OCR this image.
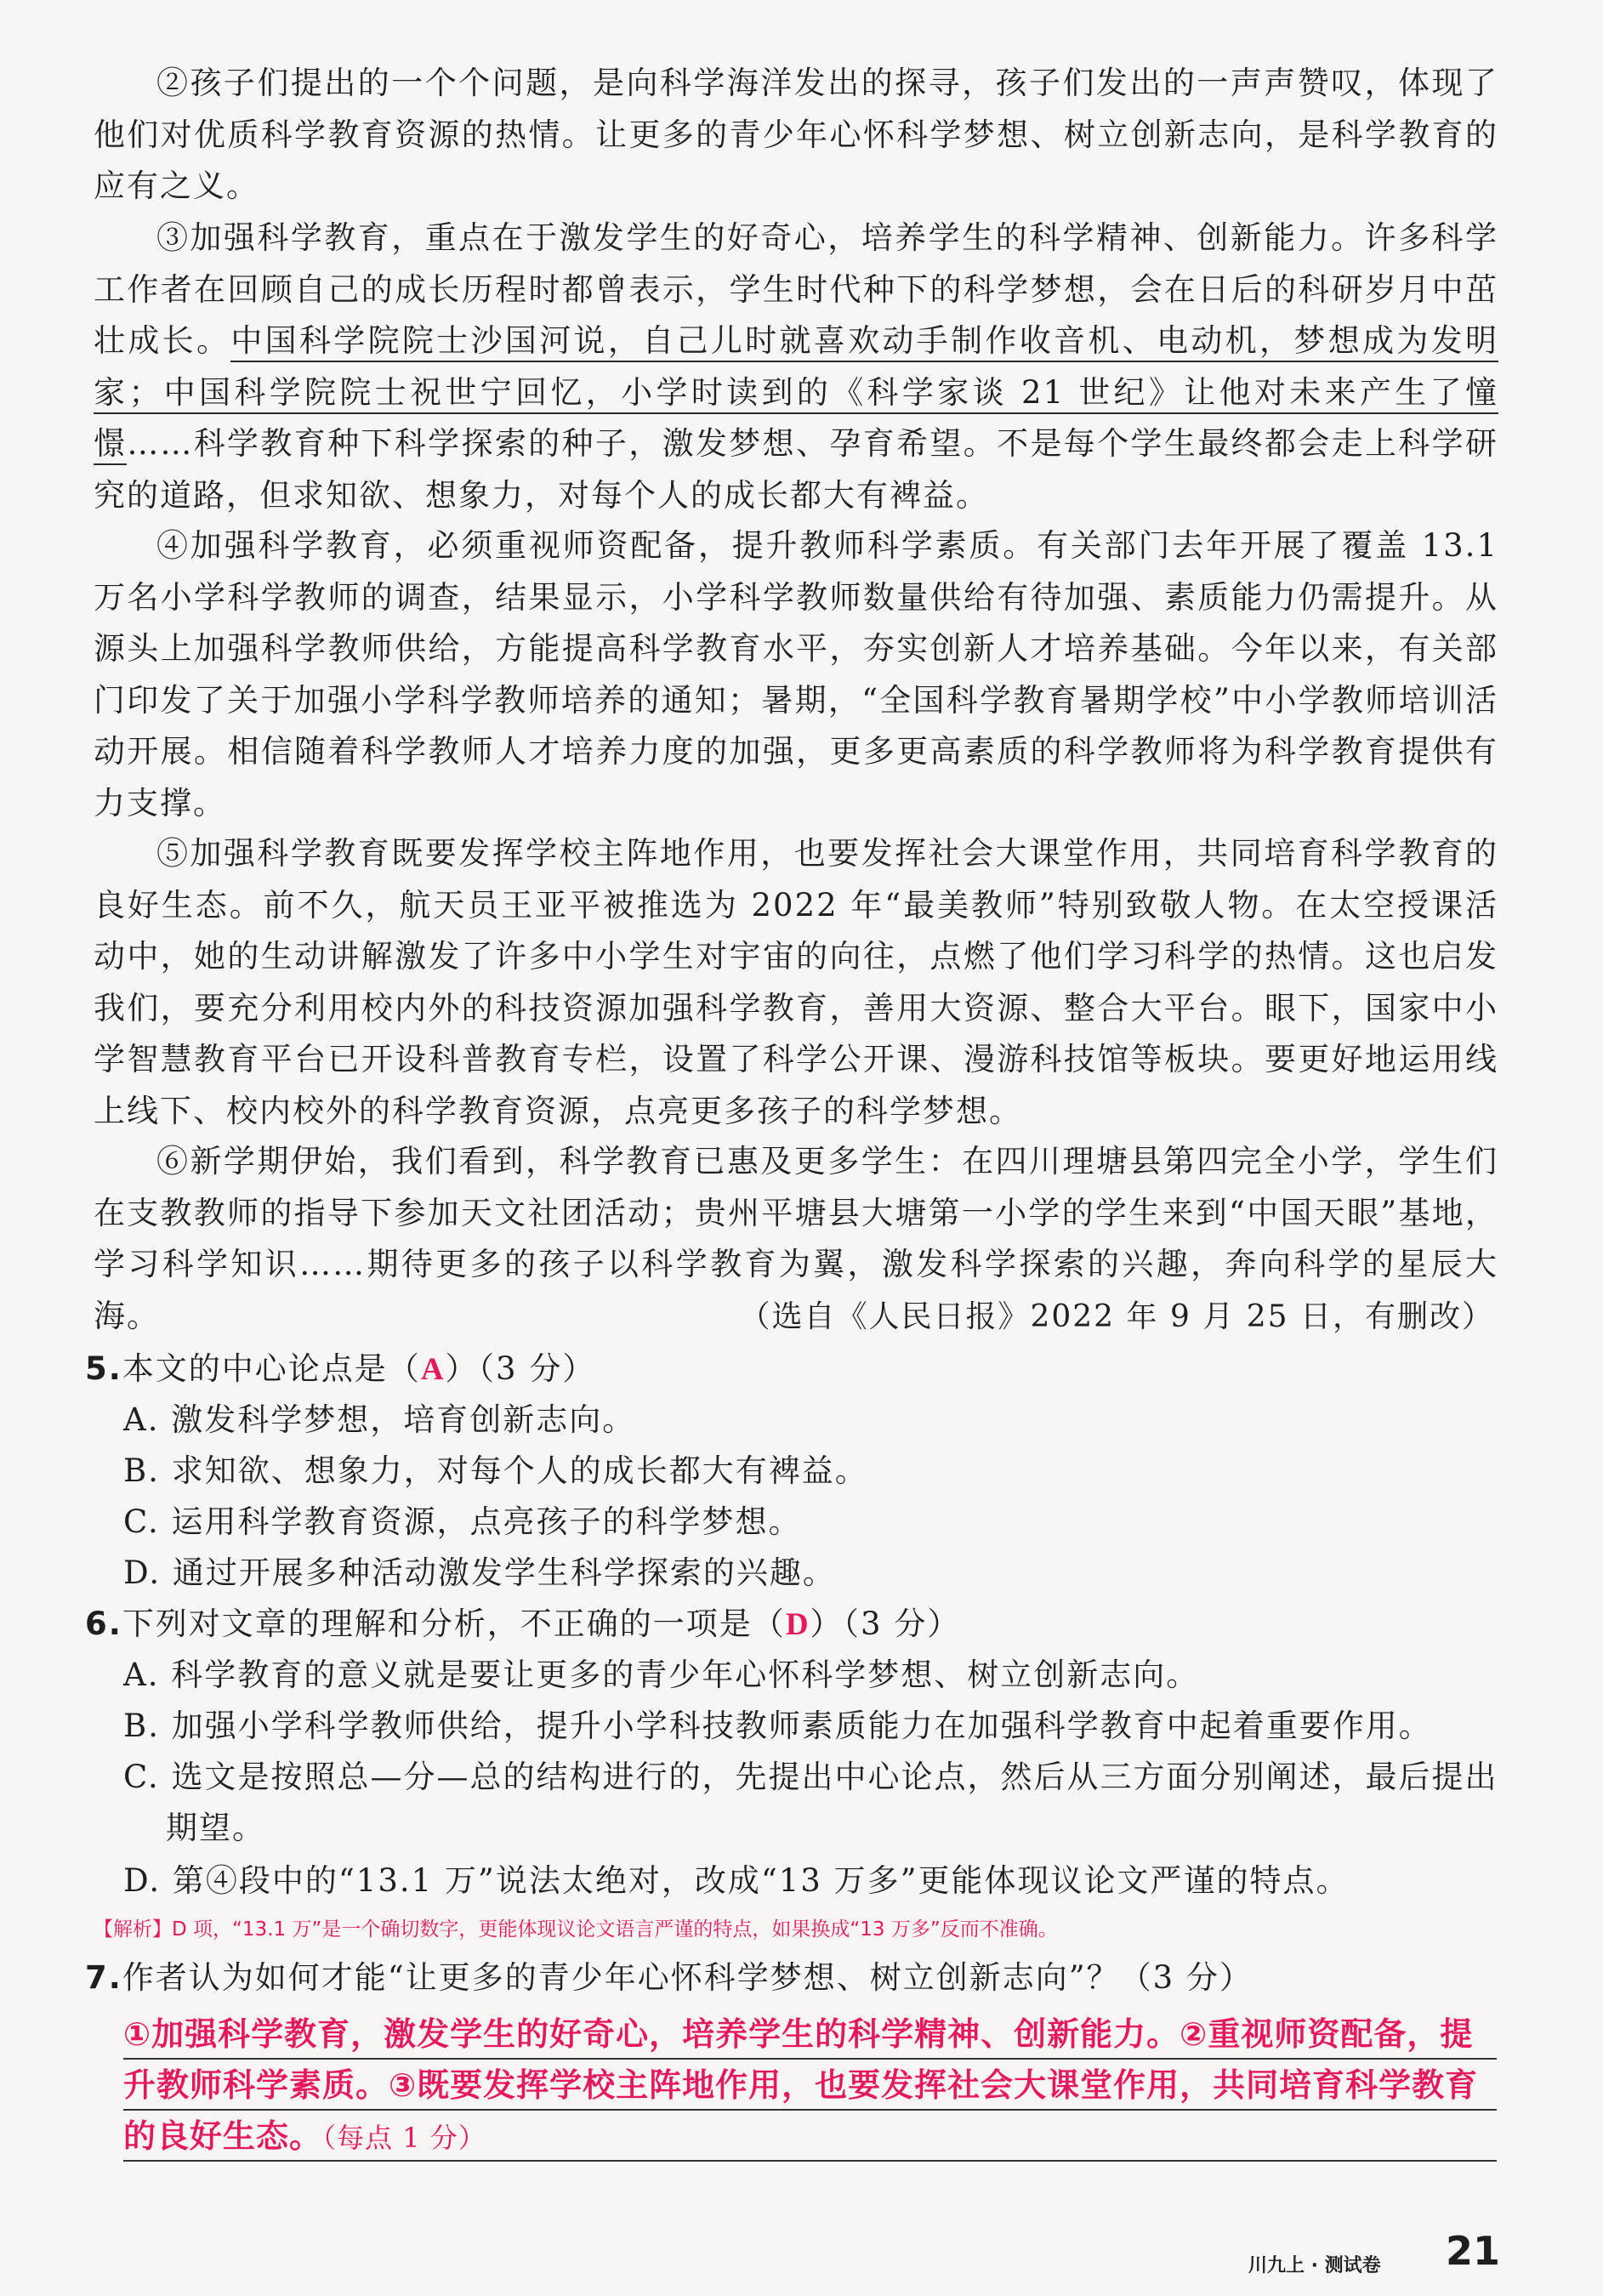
②孩子们提出的一个个问题，是向科学海洋发出的探寻，孩子们发出的一声声赞叹，体现了他们对优质科学教育资源的热情。让更多的青少年心怀科学梦想、树立创新志向，是科学教育的应有之义。
③加强科学教育，重点在于激发学生的好奇心，培养学生的科学精神、创新能力。许多科学工作者在回顾自己的成长历程时都曾表示，学生时代种下的科学梦想，会在日后的科研岁月中茁壮成长。中国科学院院士沙国河说，自己儿时就喜欢动手制作收音机、电动机，梦想成为发明家；中国科学院院士祝世宁回忆，小学时读到的《科学家谈 21 世纪》让他对未来产生了憧憬……科学教育种下科学探索的种子，激发梦想、孕育希望。不是每个学生最终都会走上科学研究的道路，但求知欲、想象力，对每个人的成长都大有裨益。
④加强科学教育，必须重视师资配备，提升教师科学素质。有关部门去年开展了覆盖 13.1 万名小学科学教师的调查，结果显示，小学科学教师数量供给有待加强、素质能力仍需提升。从源头上加强科学教师供给，方能提高科学教育水平，夯实创新人才培养基础。今年以来，有关部门印发了关于加强小学科学教师培养的通知；暑期，“全国科学教育暑期学校”中小学教师培训活动开展。相信随着科学教师人才培养力度的加强，更多更高素质的科学教师将为科学教育提供有力支撑。
⑤加强科学教育既要发挥学校主阵地作用，也要发挥社会大课堂作用，共同培育科学教育的良好生态。前不久，航天员王亚平被推选为 2022 年“最美教师”特别致敬人物。在太空授课活动中，她的生动讲解激发了许多中小学生对宇宙的向往，点燃了他们学习科学的热情。这也启发我们，要充分利用校内外的科技资源加强科学教育，善用大资源、整合大平台。眼下，国家中小学智慧教育平台已开设科普教育专栏，设置了科学公开课、漫游科技馆等板块。要更好地运用线上线下、校内校外的科学教育资源，点亮更多孩子的科学梦想。
⑥新学期伊始，我们看到，科学教育已惠及更多学生：在四川理塘县第四完全小学，学生们在支教教师的指导下参加天文社团活动；贵州平塘县大塘第一小学的学生来到“中国天眼”基地，学习科学知识……期待更多的孩子以科学教育为翼，激发科学探索的兴趣，奔向科学的星辰大海。	（选自《人民日报》2022 年 9 月 25 日，有删改）
5.本文的中心论点是（A）（3 分）
A. 激发科学梦想，培育创新志向。
B. 求知欲、想象力，对每个人的成长都大有裨益。
C. 运用科学教育资源，点亮孩子的科学梦想。
D. 通过开展多种活动激发学生科学探索的兴趣。
6.下列对文章的理解和分析，不正确的一项是（D）（3 分）
A. 科学教育的意义就是要让更多的青少年心怀科学梦想、树立创新志向。
B. 加强小学科学教师供给，提升小学科技教师素质能力在加强科学教育中起着重要作用。
C. 选文是按照总—分—总的结构进行的，先提出中心论点，然后从三方面分别阐述，最后提出期望。
D. 第④段中的“13.1 万”说法太绝对，改成“13 万多”更能体现议论文严谨的特点。
【解析】D 项，“13.1 万”是一个确切数字，更能体现议论文语言严谨的特点，如果换成“13 万多”反而不准确。
7.作者认为如何才能“让更多的青少年心怀科学梦想、树立创新志向”？（3 分）
①加强科学教育，激发学生的好奇心，培养学生的科学精神、创新能力。②重视师资配备，提升教师科学素质。③既要发挥学校主阵地作用，也要发挥社会大课堂作用，共同培育科学教育的良好生态。（每点 1 分）
川九上 · 测试卷 21
